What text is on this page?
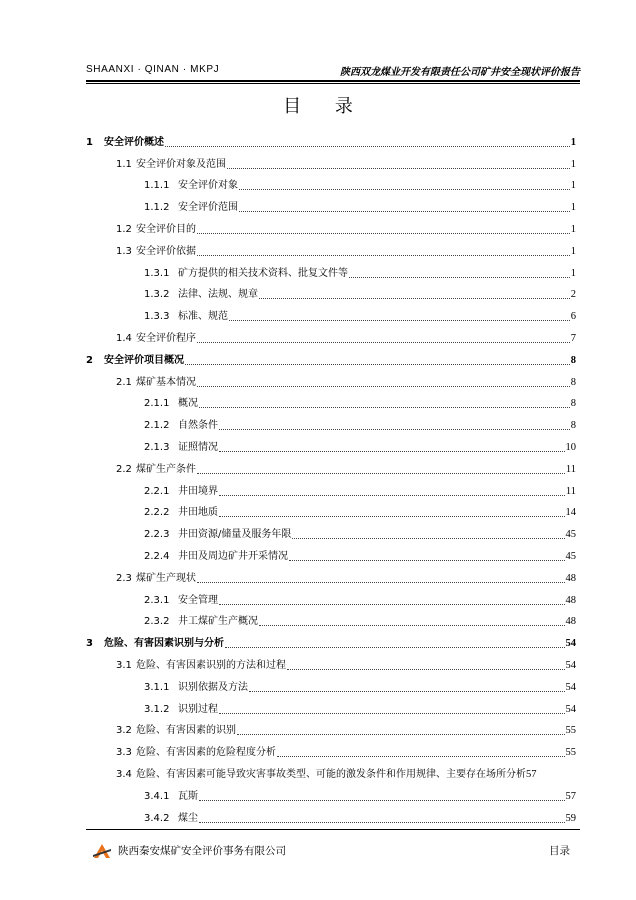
SHAANXI · QINAN · MKPJ	陕西双龙煤业开发有限责任公司矿井安全现状评价报告
目 录
1	安全评价概述	1
1.1 安全评价对象及范围	1
1.1.1 安全评价对象	1
1.1.2 安全评价范围	1
1.2 安全评价目的	1
1.3 安全评价依据	1
1.3.1 矿方提供的相关技术资料、批复文件等	1
1.3.2 法律、法规、规章	2
1.3.3 标准、规范	6
1.4 安全评价程序	7
2	安全评价项目概况	8
2.1 煤矿基本情况	8
2.1.1 概况	8
2.1.2 自然条件	8
2.1.3 证照情况	10
2.2 煤矿生产条件	11
2.2.1 井田境界	11
2.2.2 井田地质	14
2.2.3 井田资源/储量及服务年限	45
2.2.4 井田及周边矿井开采情况	45
2.3 煤矿生产现状	48
2.3.1 安全管理	48
2.3.2 井工煤矿生产概况	48
3	危险、有害因素识别与分析	54
3.1 危险、有害因素识别的方法和过程	54
3.1.1 识别依据及方法	54
3.1.2 识别过程	54
3.2 危险、有害因素的识别	55
3.3 危险、有害因素的危险程度分析	55
3.4 危险、有害因素可能导致灾害事故类型、可能的激发条件和作用规律、主要存在场所分析 57
3.4.1 瓦斯	57
3.4.2 煤尘	59
陕西秦安煤矿安全评价事务有限公司	目录
